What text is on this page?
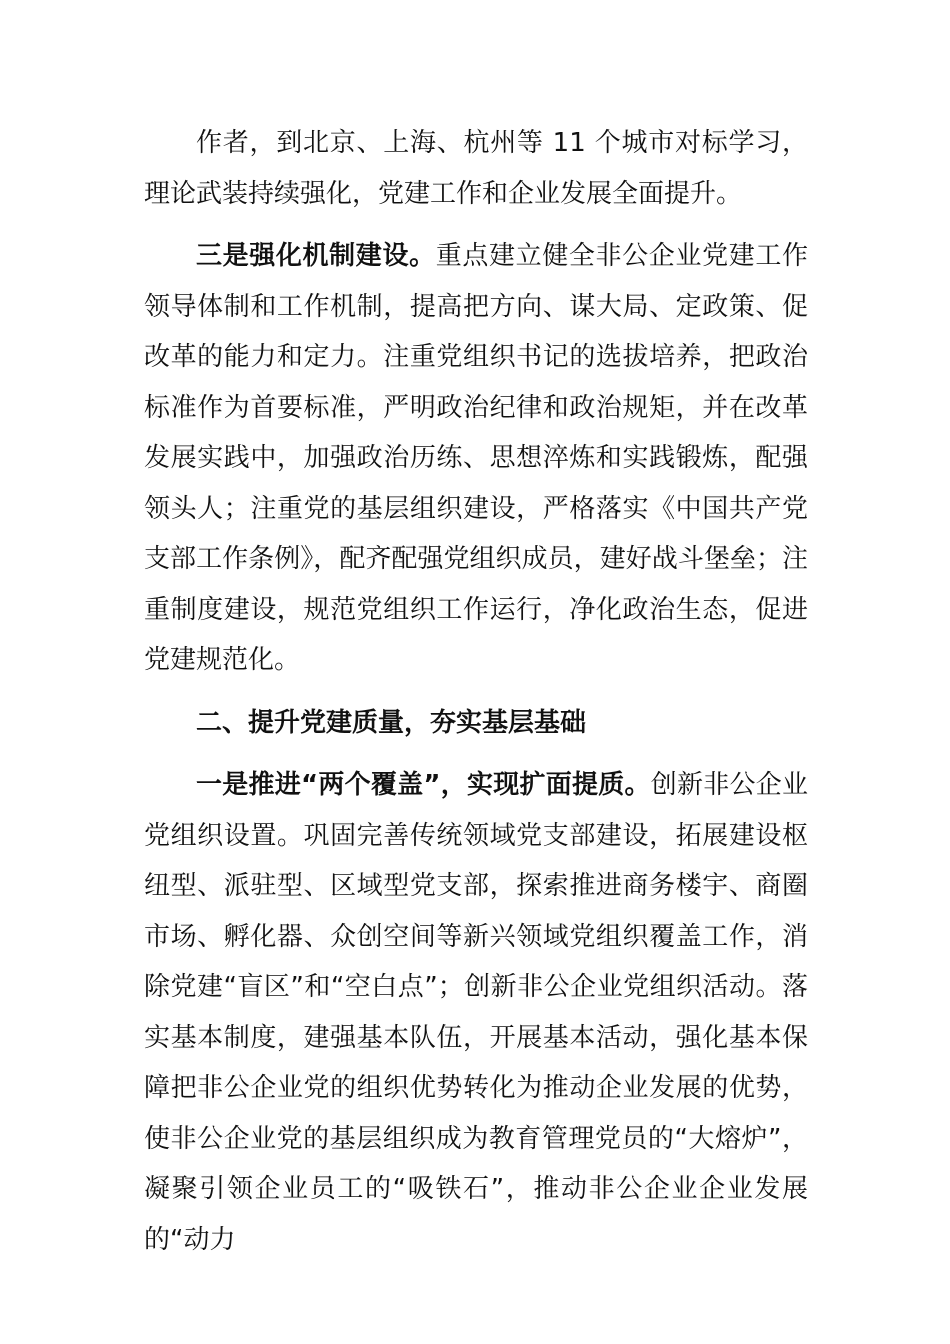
作者，到北京、上海、杭州等 11 个城市对标学习，理论武装持续强化，党建工作和企业发展全面提升。

三是强化机制建设。重点建立健全非公企业党建工作领导体制和工作机制，提高把方向、谋大局、定政策、促改革的能力和定力。注重党组织书记的选拔培养，把政治标准作为首要标准，严明政治纪律和政治规矩，并在改革发展实践中，加强政治历练、思想淬炼和实践锻炼，配强领头人；注重党的基层组织建设，严格落实《中国共产党支部工作条例》，配齐配强党组织成员，建好战斗堡垒；注重制度建设，规范党组织工作运行，净化政治生态，促进党建规范化。

二、提升党建质量，夯实基层基础

一是推进“两个覆盖”，实现扩面提质。创新非公企业党组织设置。巩固完善传统领域党支部建设，拓展建设枢纽型、派驻型、区域型党支部，探索推进商务楼宇、商圈市场、孵化器、众创空间等新兴领域党组织覆盖工作，消除党建“盲区”和“空白点”；创新非公企业党组织活动。落实基本制度，建强基本队伍，开展基本活动，强化基本保障把非公企业党的组织优势转化为推动企业发展的优势，使非公企业党的基层组织成为教育管理党员的“大熔炉”，凝聚引领企业员工的“吸铁石”，推动非公企业企业发展的“动力
